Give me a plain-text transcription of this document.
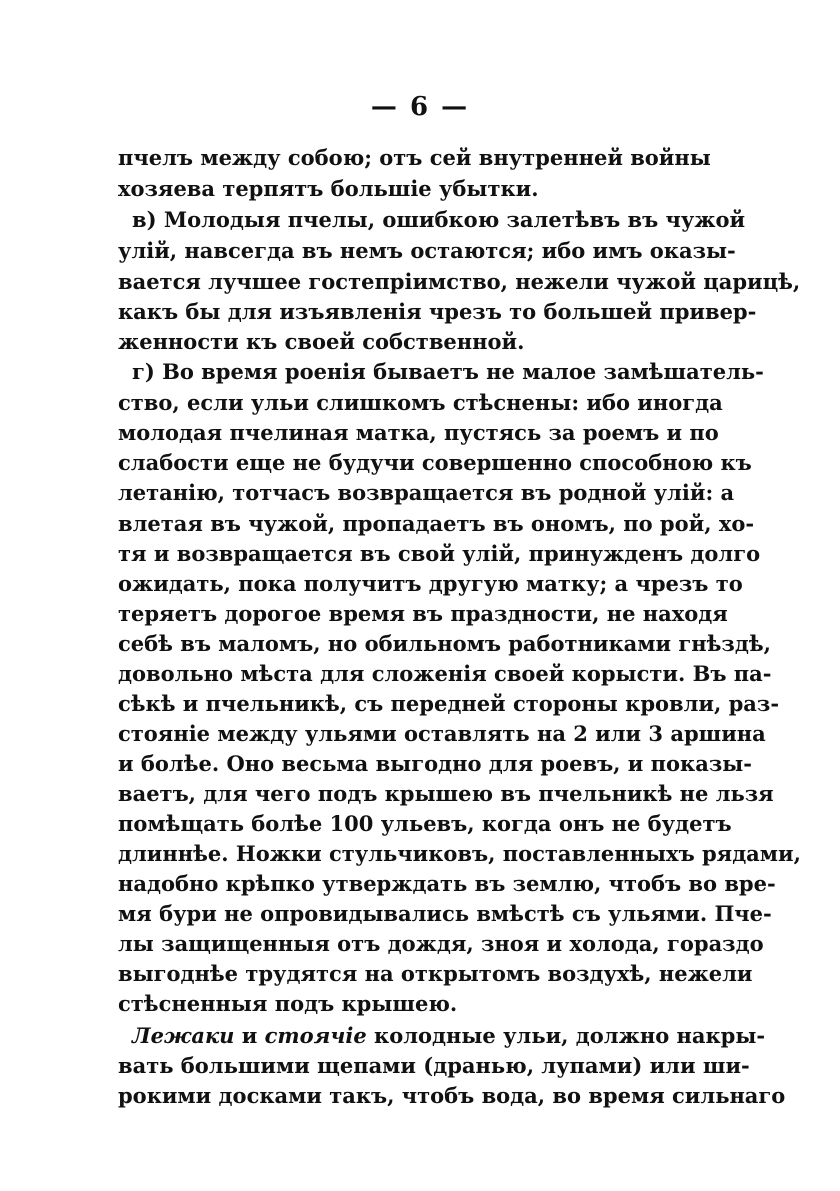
— 6 —
пчелъ между собою; отъ сей внутренней войны
хозяева терпятъ большіе убытки.
в) Молодыя пчелы, ошибкою залетѣвъ въ чужой
улій, навсегда въ немъ остаются; ибо имъ оказы-
вается лучшее гостепріимство, нежели чужой царицѣ,
какъ бы для изъявленія чрезъ то большей привер-
женности къ своей собственной.
г) Во время роенія бываетъ не малое замѣшатель-
ство, если ульи слишкомъ стѣснены: ибо иногда
молодая пчелиная матка, пустясь за роемъ и по
слабости еще не будучи совершенно способною къ
летанію, тотчасъ возвращается въ родной улій: а
влетая въ чужой, пропадаетъ въ ономъ, по рой, хо-
тя и возвращается въ свой улій, принужденъ долго
ожидать, пока получитъ другую матку; а чрезъ то
теряетъ дорогое время въ праздности, не находя
себѣ въ маломъ, но обильномъ работниками гнѣздѣ,
довольно мѣста для сложенія своей корысти. Въ па-
сѣкѣ и пчельникѣ, съ передней стороны кровли, раз-
стояніе между ульями оставлять на 2 или 3 аршина
и болѣе. Оно весьма выгодно для роевъ, и показы-
ваетъ, для чего подъ крышею въ пчельникѣ не льзя
помѣщать болѣе 100 ульевъ, когда онъ не будетъ
длиннѣе. Ножки стульчиковъ, поставленныхъ рядами,
надобно крѣпко утверждать въ землю, чтобъ во вре-
мя бури не опровидывались вмѣстѣ съ ульями. Пче-
лы защищенныя отъ дождя, зноя и холода, гораздо
выгоднѣе трудятся на открытомъ воздухѣ, нежели
стѣсненныя подъ крышею.
Лежаки и стоячіе колодные ульи, должно накры-
вать большими щепами (дранью, лупами) или ши-
рокими досками такъ, чтобъ вода, во время сильнаго
